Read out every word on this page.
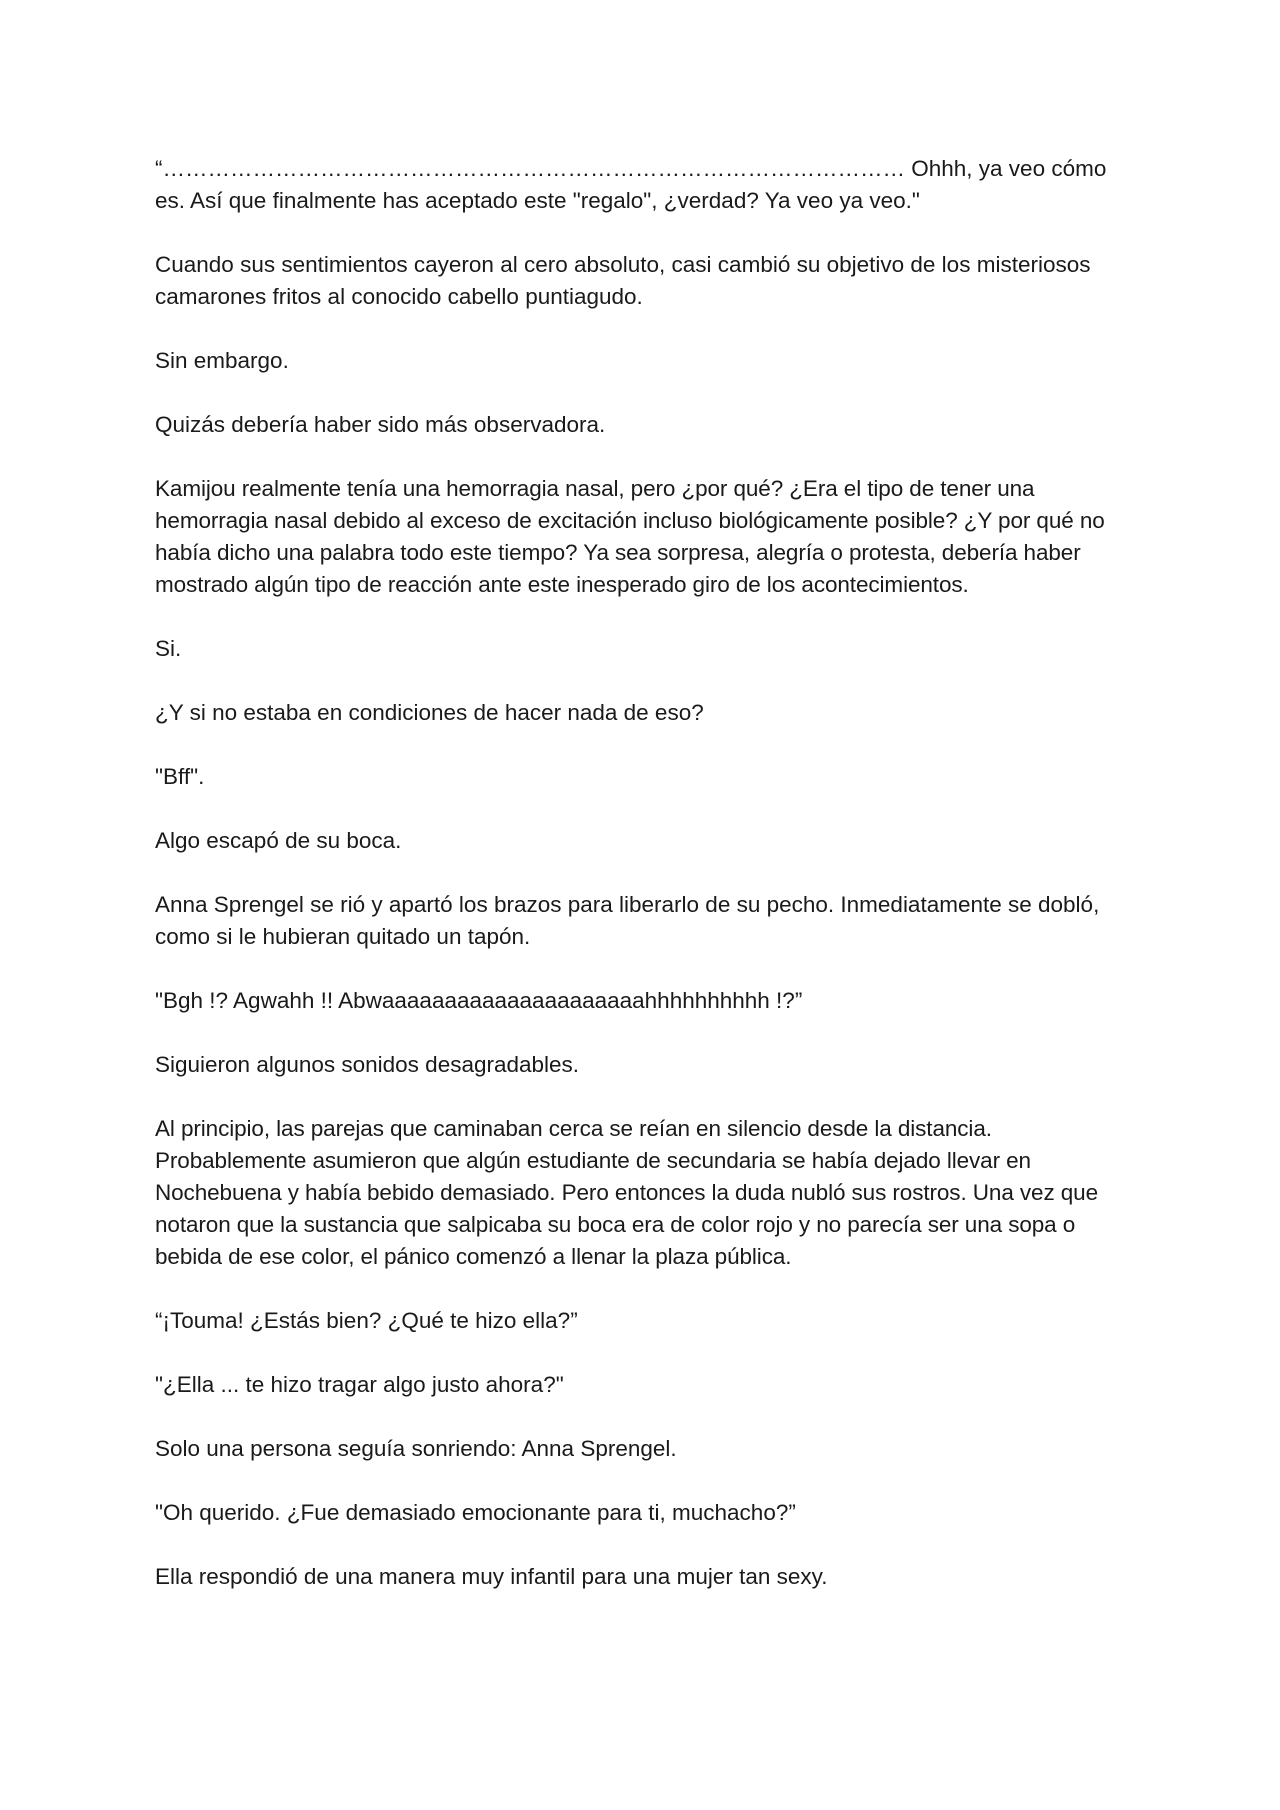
“……………………………………………………………………………………… Ohhh, ya veo cómo es. Así que finalmente has aceptado este "regalo", ¿verdad? Ya veo ya veo."

Cuando sus sentimientos cayeron al cero absoluto, casi cambió su objetivo de los misteriosos camarones fritos al conocido cabello puntiagudo.

Sin embargo.

Quizás debería haber sido más observadora.

Kamijou realmente tenía una hemorragia nasal, pero ¿por qué? ¿Era el tipo de tener una hemorragia nasal debido al exceso de excitación incluso biológicamente posible? ¿Y por qué no había dicho una palabra todo este tiempo? Ya sea sorpresa, alegría o protesta, debería haber mostrado algún tipo de reacción ante este inesperado giro de los acontecimientos.

Si.

¿Y si no estaba en condiciones de hacer nada de eso?

"Bff".

Algo escapó de su boca.

Anna Sprengel se rió y apartó los brazos para liberarlo de su pecho. Inmediatamente se dobló, como si le hubieran quitado un tapón.

"Bgh !? Agwahh !! Abwaaaaaaaaaaaaaaaaaaaaahhhhhhhhhh !?”

Siguieron algunos sonidos desagradables.

Al principio, las parejas que caminaban cerca se reían en silencio desde la distancia. Probablemente asumieron que algún estudiante de secundaria se había dejado llevar en Nochebuena y había bebido demasiado. Pero entonces la duda nubló sus rostros. Una vez que notaron que la sustancia que salpicaba su boca era de color rojo y no parecía ser una sopa o bebida de ese color, el pánico comenzó a llenar la plaza pública.

“¡Touma! ¿Estás bien? ¿Qué te hizo ella?”

"¿Ella ... te hizo tragar algo justo ahora?"

Solo una persona seguía sonriendo: Anna Sprengel.

"Oh querido. ¿Fue demasiado emocionante para ti, muchacho?”

Ella respondió de una manera muy infantil para una mujer tan sexy.
